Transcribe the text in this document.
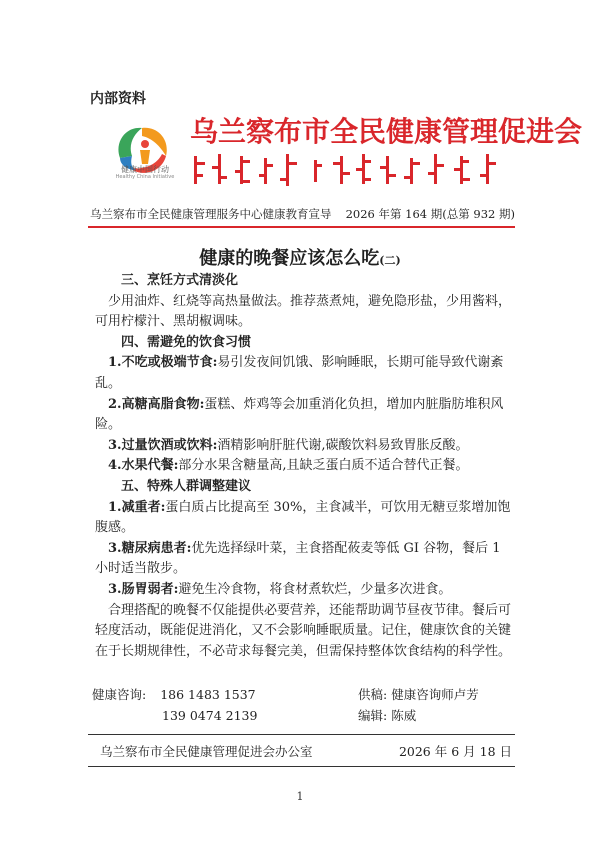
内部资料
健康中国行动
Healthy China Initiative
乌兰察布市全民健康管理促进会
乌兰察布市全民健康管理服务中心健康教育宣导 2026 年第 164 期(总第 932 期)
健康的晚餐应该怎么吃(二)

三、烹饪方式清淡化

少用油炸、红烧等高热量做法。推荐蒸煮炖，避免隐形盐，少用酱料，可用柠檬汁、黑胡椒调味。

四、需避免的饮食习惯

1.不吃或极端节食:易引发夜间饥饿、影响睡眠，长期可能导致代谢紊乱。

2.高糖高脂食物:蛋糕、炸鸡等会加重消化负担，增加内脏脂肪堆积风险。

3.过量饮酒或饮料:酒精影响肝脏代谢,碳酸饮料易致胃胀反酸。

4.水果代餐:部分水果含糖量高,且缺乏蛋白质不适合替代正餐。

五、特殊人群调整建议

1.减重者:蛋白质占比提高至 30%，主食减半，可饮用无糖豆浆增加饱腹感。

3.糖尿病患者:优先选择绿叶菜，主食搭配莜麦等低 GI 谷物，餐后 1 小时适当散步。

3.肠胃弱者:避免生冷食物，将食材煮软烂，少量多次进食。

合理搭配的晚餐不仅能提供必要营养，还能帮助调节昼夜节律。餐后可轻度活动，既能促进消化，又不会影响睡眠质量。记住，健康饮食的关键在于长期规律性，不必苛求每餐完美，但需保持整体饮食结构的科学性。

健康咨询: 186 1483 1537	供稿: 健康咨询师卢芳
139 0474 2139	编辑: 陈威
乌兰察布市全民健康管理促进会办公室	2026 年 6 月 18 日
1
